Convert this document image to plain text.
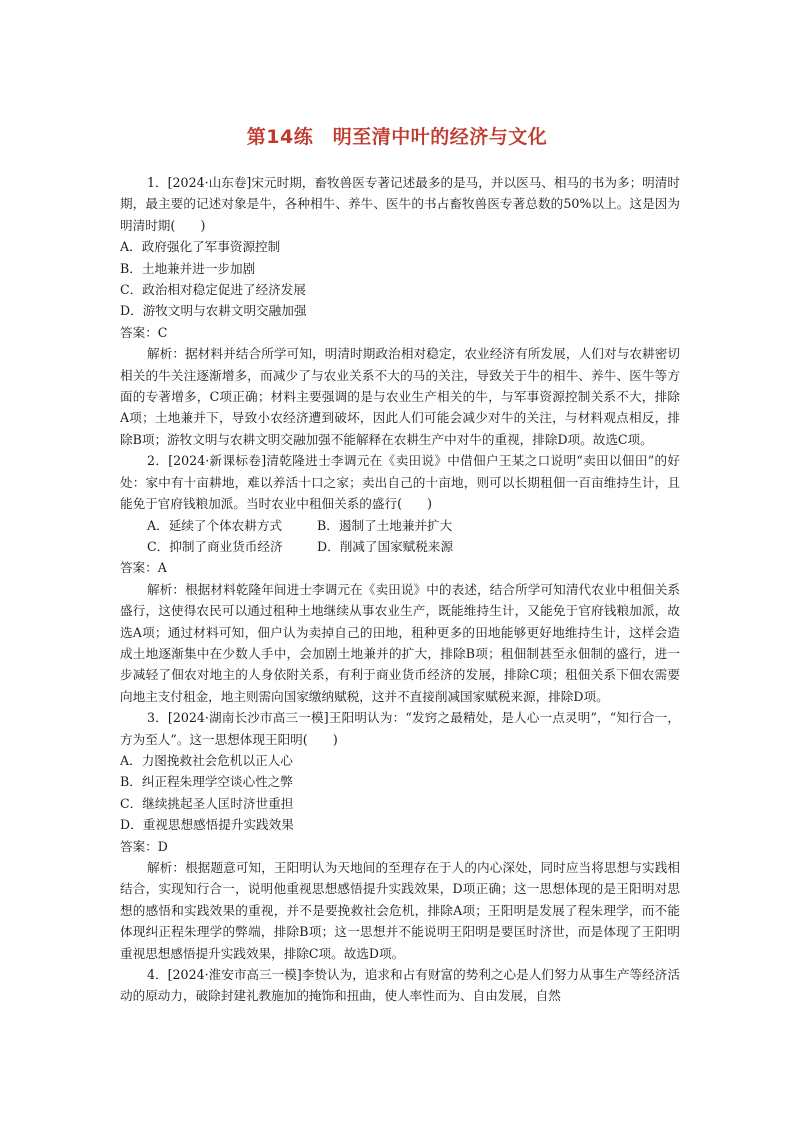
第14练　明至清中叶的经济与文化

1．[2024·山东卷]宋元时期，畜牧兽医专著记述最多的是马，并以医马、相马的书为多；明清时期，最主要的记述对象是牛，各种相牛、养牛、医牛的书占畜牧兽医专著总数的50%以上。这是因为明清时期(　　)

A．政府强化了军事资源控制

B．土地兼并进一步加剧

C．政治相对稳定促进了经济发展

D．游牧文明与农耕文明交融加强

答案：C

解析：据材料并结合所学可知，明清时期政治相对稳定，农业经济有所发展，人们对与农耕密切相关的牛关注逐渐增多，而减少了与农业关系不大的马的关注，导致关于牛的相牛、养牛、医牛等方面的专著增多，C项正确；材料主要强调的是与农业生产相关的牛，与军事资源控制关系不大，排除A项；土地兼并下，导致小农经济遭到破坏，因此人们可能会减少对牛的关注，与材料观点相反，排除B项；游牧文明与农耕文明交融加强不能解释在农耕生产中对牛的重视，排除D项。故选C项。

2．[2024·新课标卷]清乾隆进士李调元在《卖田说》中借佃户王某之口说明“卖田以佃田”的好处：家中有十亩耕地，难以养活十口之家；卖出自己的十亩地，则可以长期租佃一百亩维持生计，且能免于官府钱粮加派。当时农业中租佃关系的盛行(　　)

A．延续了个体农耕方式	B．遏制了土地兼并扩大
C．抑制了商业货币经济	D．削减了国家赋税来源

答案：A

解析：根据材料乾隆年间进士李调元在《卖田说》中的表述，结合所学可知清代农业中租佃关系盛行，这使得农民可以通过租种土地继续从事农业生产，既能维持生计，又能免于官府钱粮加派，故选A项；通过材料可知，佃户认为卖掉自己的田地，租种更多的田地能够更好地维持生计，这样会造成土地逐渐集中在少数人手中，会加剧土地兼并的扩大，排除B项；租佃制甚至永佃制的盛行，进一步减轻了佃农对地主的人身依附关系，有利于商业货币经济的发展，排除C项；租佃关系下佃农需要向地主支付租金，地主则需向国家缴纳赋税，这并不直接削减国家赋税来源，排除D项。

3．[2024·湖南长沙市高三一模]王阳明认为：“发窍之最精处，是人心一点灵明”，“知行合一，方为至人”。这一思想体现王阳明(　　)

A．力图挽救社会危机以正人心

B．纠正程朱理学空谈心性之弊

C．继续挑起圣人匡时济世重担

D．重视思想感悟提升实践效果

答案：D

解析：根据题意可知，王阳明认为天地间的至理存在于人的内心深处，同时应当将思想与实践相结合，实现知行合一，说明他重视思想感悟提升实践效果，D项正确；这一思想体现的是王阳明对思想的感悟和实践效果的重视，并不是要挽救社会危机，排除A项；王阳明是发展了程朱理学，而不能体现纠正程朱理学的弊端，排除B项；这一思想并不能说明王阳明是要匡时济世，而是体现了王阳明重视思想感悟提升实践效果，排除C项。故选D项。

4．[2024·淮安市高三一模]李贽认为，追求和占有财富的势利之心是人们努力从事生产等经济活动的原动力，破除封建礼教施加的掩饰和扭曲，使人率性而为、自由发展，自然
